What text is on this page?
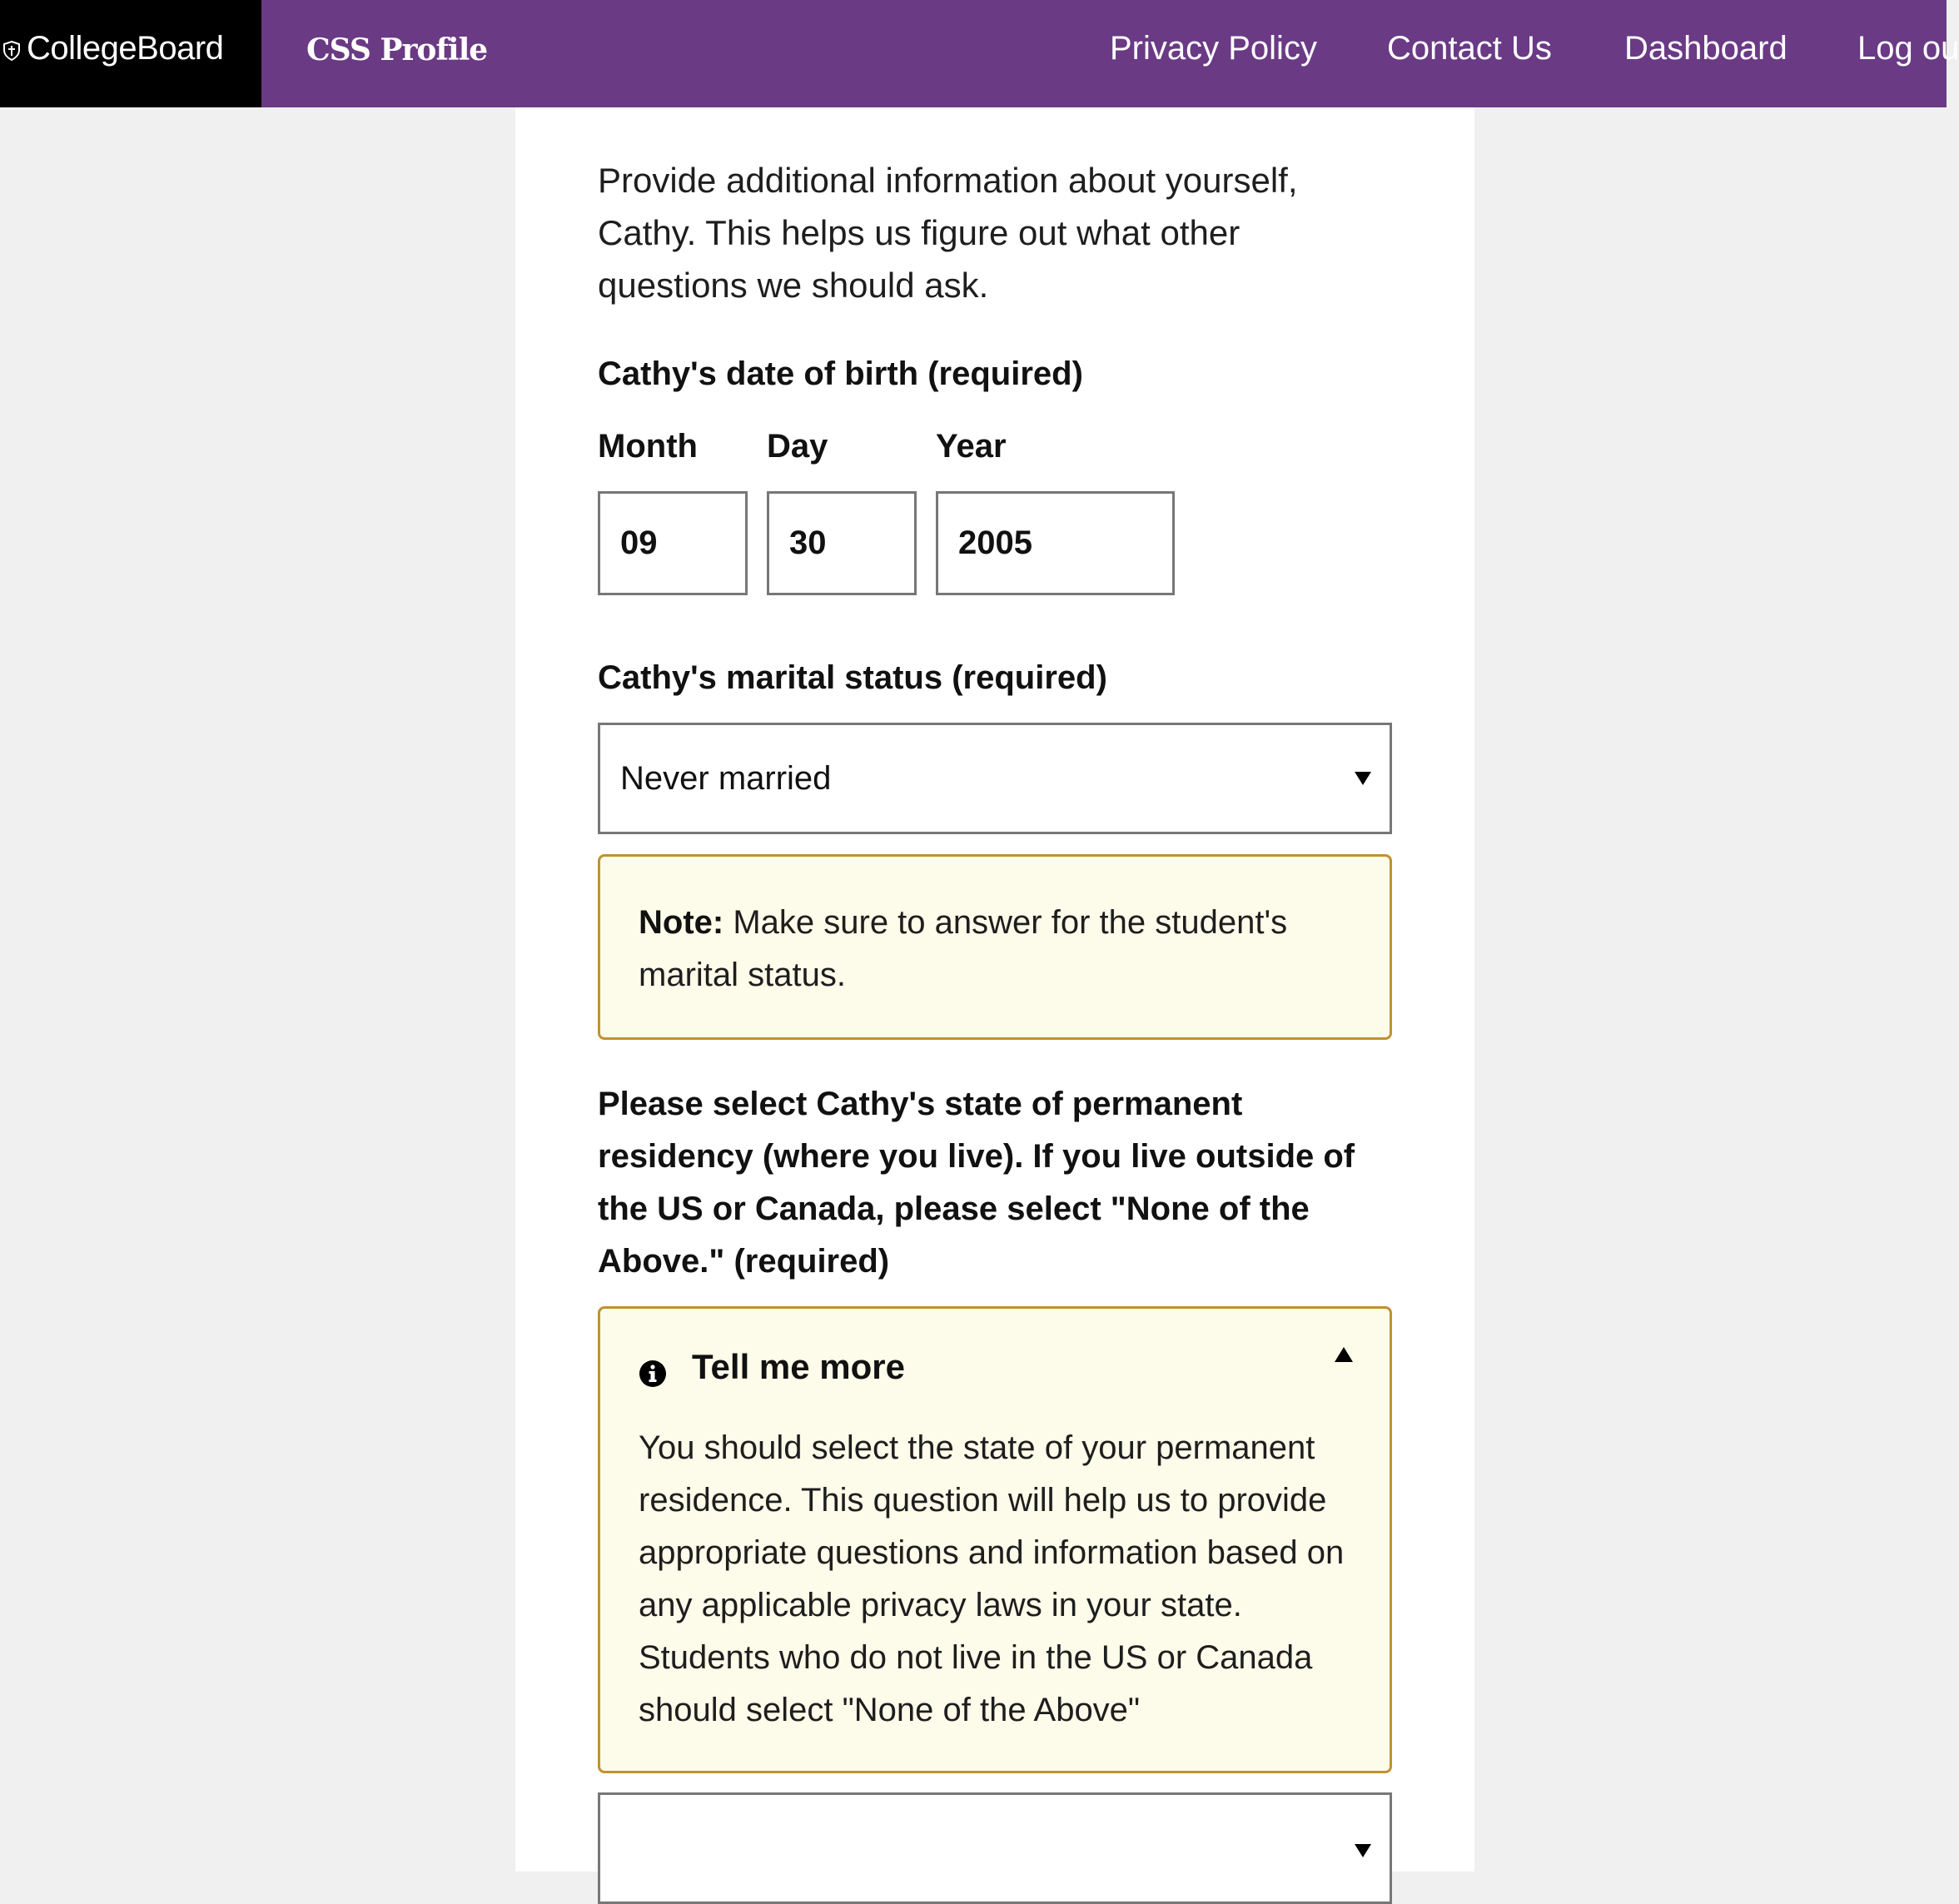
CollegeBoard	CSS Profile	Privacy Policy Contact Us Dashboard Log ou
Provide additional information about yourself, Cathy. This helps us figure out what other questions we should ask.
Cathy's date of birth (required)
Month Day	Year
09	30	2005
Cathy's marital status (required)
Never married
Note: Make sure to answer for the student's marital status.
Please select Cathy's state of permanent residency (where you live). If you live outside of the US or Canada, please select "None of the Above." (required)
Tell me more
You should select the state of your permanent residence. This question will help us to provide appropriate questions and information based on any applicable privacy laws in your state. Students who do not live in the US or Canada should select "None of the Above"
